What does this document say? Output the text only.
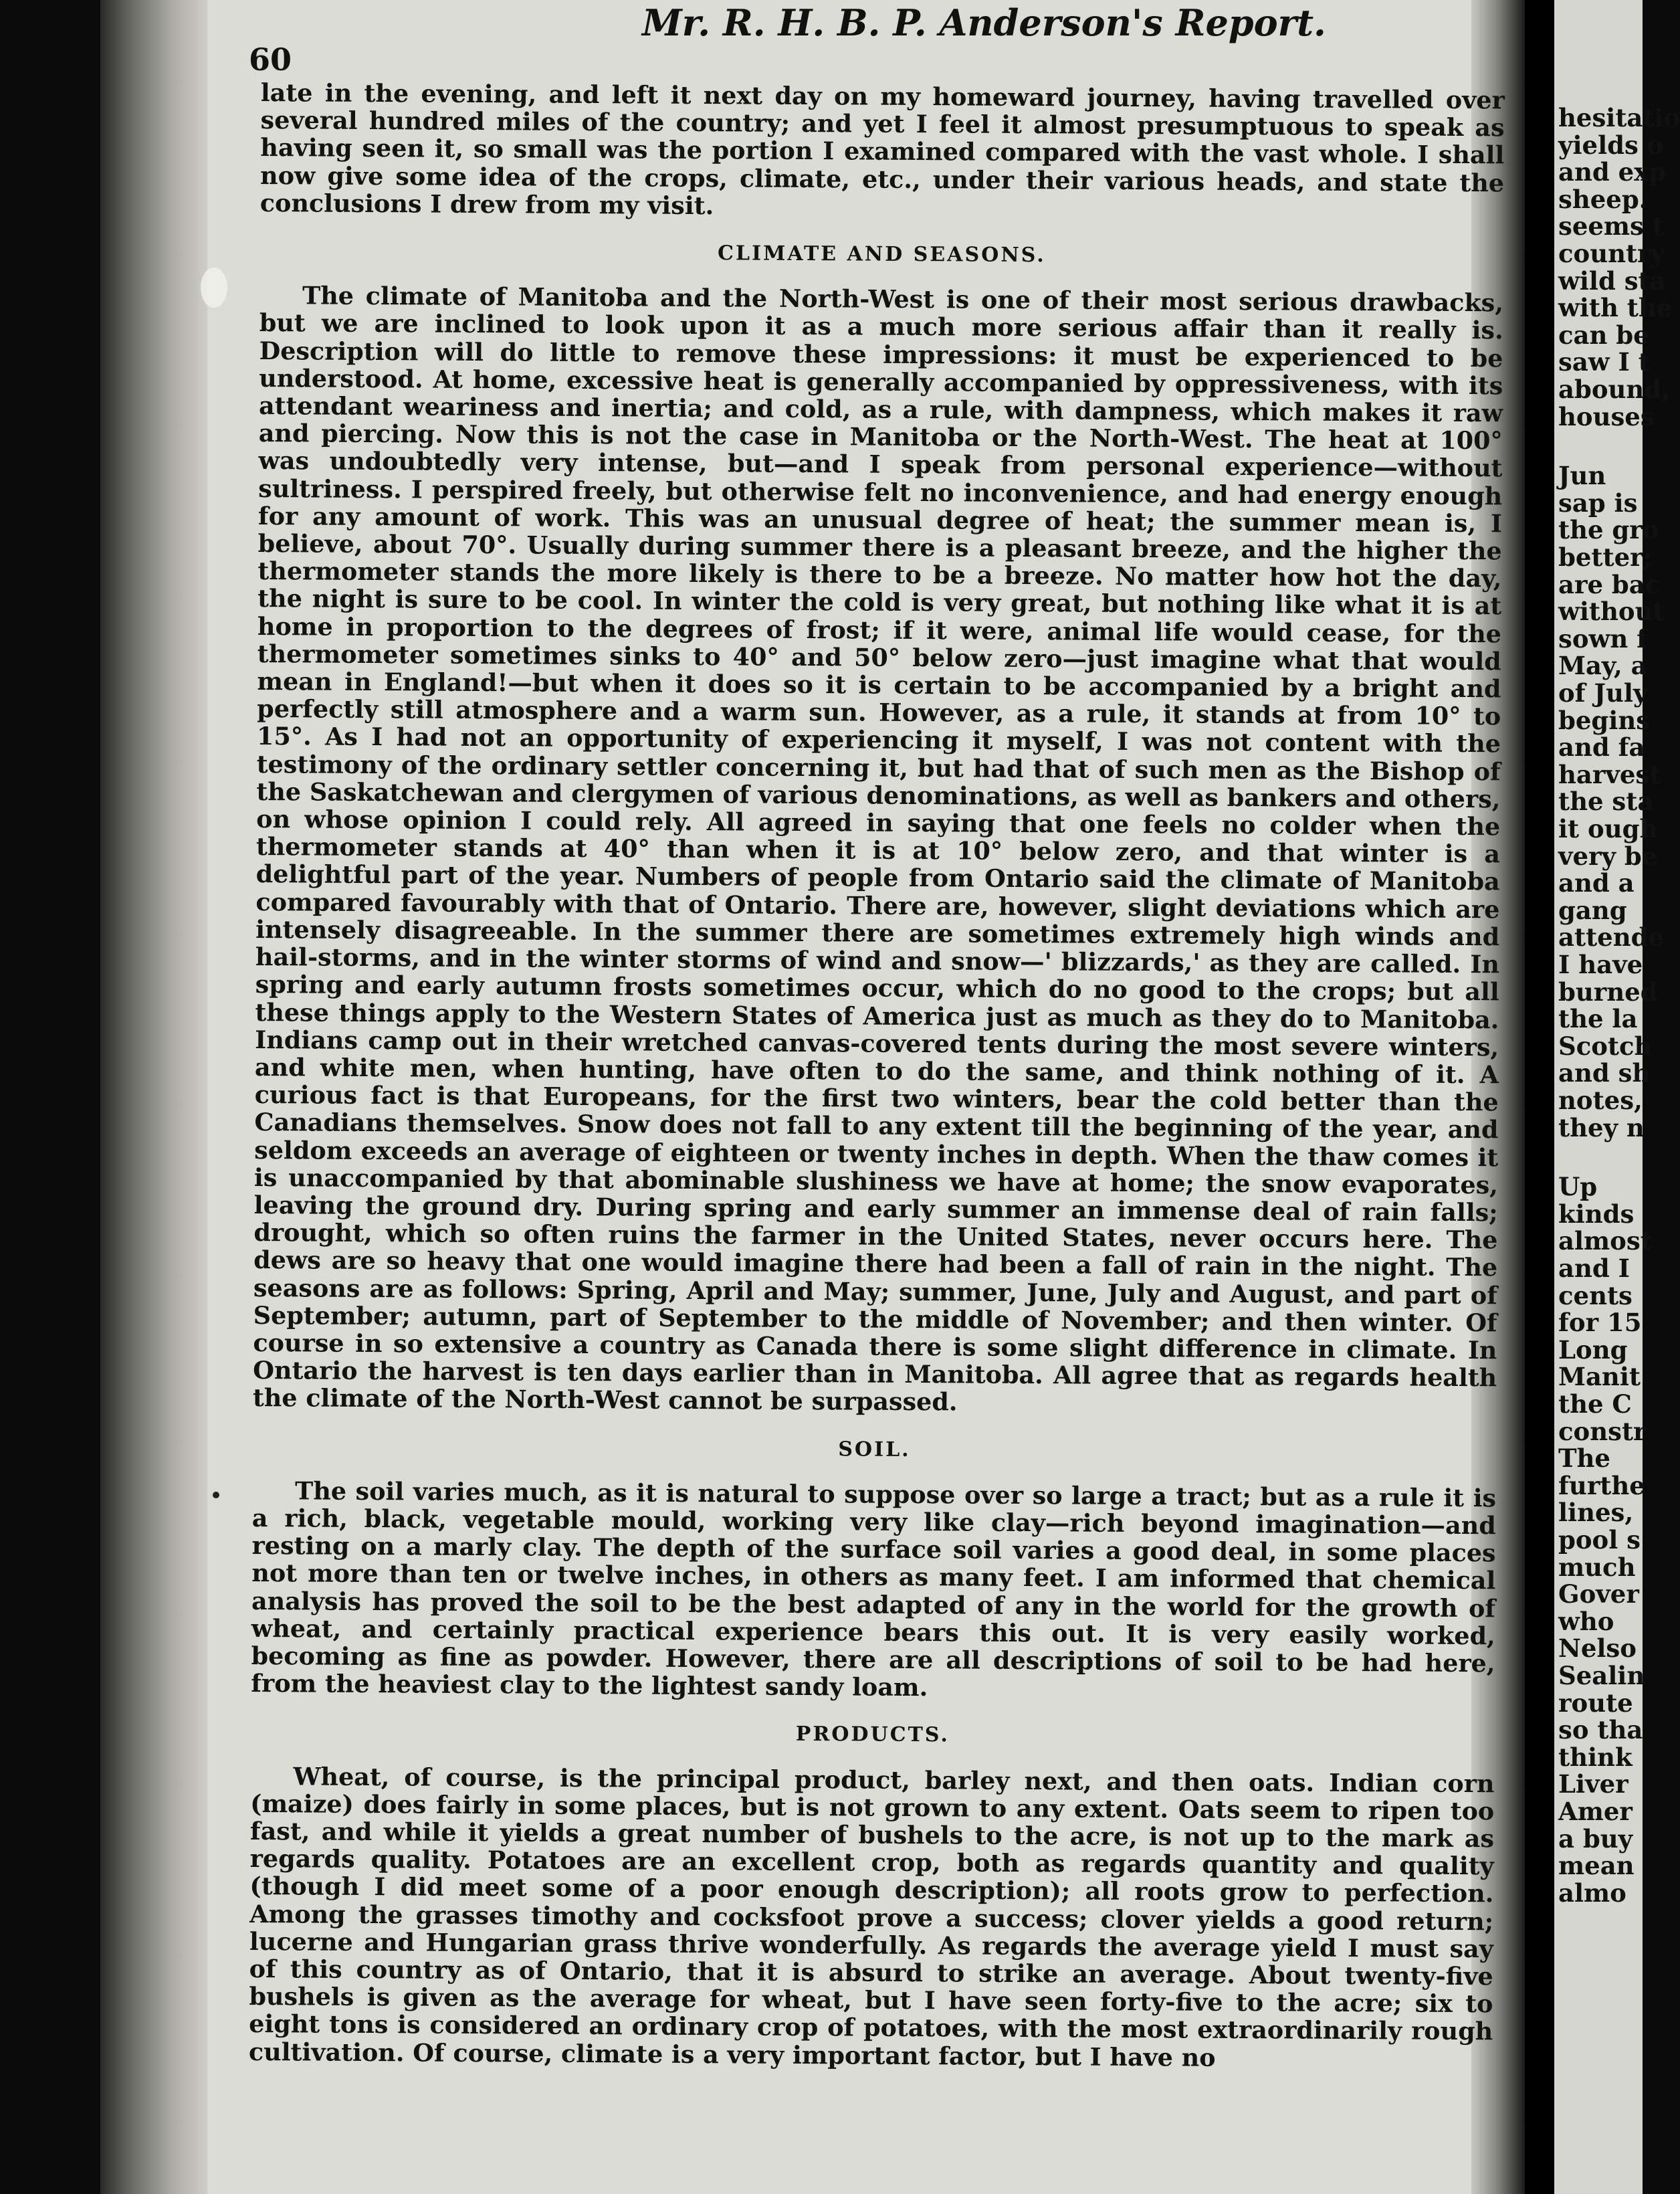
Mr. R. H. B. P. Anderson's Report.
60

late in the evening, and left it next day on my homeward journey, having travelled over several hundred miles of the country; and yet I feel it almost presumptuous to speak as having seen it, so small was the portion I examined compared with the vast whole. I shall now give some idea of the crops, climate, etc., under their various heads, and state the conclusions I drew from my visit.

CLIMATE AND SEASONS.

The climate of Manitoba and the North-West is one of their most serious drawbacks, but we are inclined to look upon it as a much more serious affair than it really is. Description will do little to remove these impressions: it must be experienced to be understood. At home, excessive heat is generally accompanied by oppressiveness, with its attendant weariness and inertia; and cold, as a rule, with dampness, which makes it raw and piercing. Now this is not the case in Manitoba or the North-West. The heat at 100° was undoubtedly very intense, but—and I speak from personal experience—without sultriness. I perspired freely, but otherwise felt no inconvenience, and had energy enough for any amount of work. This was an unusual degree of heat; the summer mean is, I believe, about 70°. Usually during summer there is a pleasant breeze, and the higher the thermometer stands the more likely is there to be a breeze. No matter how hot the day, the night is sure to be cool. In winter the cold is very great, but nothing like what it is at home in proportion to the degrees of frost; if it were, animal life would cease, for the thermometer sometimes sinks to 40° and 50° below zero—just imagine what that would mean in England!—but when it does so it is certain to be accompanied by a bright and perfectly still atmosphere and a warm sun. However, as a rule, it stands at from 10° to 15°. As I had not an opportunity of experiencing it myself, I was not content with the testimony of the ordinary settler concerning it, but had that of such men as the Bishop of the Saskatchewan and clergymen of various denominations, as well as bankers and others, on whose opinion I could rely. All agreed in saying that one feels no colder when the thermometer stands at 40° than when it is at 10° below zero, and that winter is a delightful part of the year. Numbers of people from Ontario said the climate of Manitoba compared favourably with that of Ontario. There are, however, slight deviations which are intensely disagreeable. In the summer there are sometimes extremely high winds and hail-storms, and in the winter storms of wind and snow—' blizzards,' as they are called. In spring and early autumn frosts sometimes occur, which do no good to the crops; but all these things apply to the Western States of America just as much as they do to Manitoba. Indians camp out in their wretched canvas-covered tents during the most severe winters, and white men, when hunting, have often to do the same, and think nothing of it. A curious fact is that Europeans, for the first two winters, bear the cold better than the Canadians themselves. Snow does not fall to any extent till the beginning of the year, and seldom exceeds an average of eighteen or twenty inches in depth. When the thaw comes it is unaccompanied by that abominable slushiness we have at home; the snow evaporates, leaving the ground dry. During spring and early summer an immense deal of rain falls; drought, which so often ruins the farmer in the United States, never occurs here. The dews are so heavy that one would imagine there had been a fall of rain in the night. The seasons are as follows: Spring, April and May; summer, June, July and August, and part of September; autumn, part of September to the middle of November; and then winter. Of course in so extensive a country as Canada there is some slight difference in climate. In Ontario the harvest is ten days earlier than in Manitoba. All agree that as regards health the climate of the North-West cannot be surpassed.

SOIL.

The soil varies much, as it is natural to suppose over so large a tract; but as a rule it is a rich, black, vegetable mould, working very like clay—rich beyond imagination—and resting on a marly clay. The depth of the surface soil varies a good deal, in some places not more than ten or twelve inches, in others as many feet. I am informed that chemical analysis has proved the soil to be the best adapted of any in the world for the growth of wheat, and certainly practical experience bears this out. It is very easily worked, becoming as fine as powder. However, there are all descriptions of soil to be had here, from the heaviest clay to the lightest sandy loam.

PRODUCTS.

Wheat, of course, is the principal product, barley next, and then oats. Indian corn (maize) does fairly in some places, but is not grown to any extent. Oats seem to ripen too fast, and while it yields a great number of bushels to the acre, is not up to the mark as regards quality. Potatoes are an excellent crop, both as regards quantity and quality (though I did meet some of a poor enough description); all roots grow to perfection. Among the grasses timothy and cocksfoot prove a success; clover yields a good return; lucerne and Hungarian grass thrive wonderfully. As regards the average yield I must say of this country as of Ontario, that it is absurd to strike an average. About twenty-five bushels is given as the average for wheat, but I have seen forty-five to the acre; six to eight tons is considered an ordinary crop of potatoes, with the most extraordinarily rough cultivation. Of course, climate is a very important factor, but I have no

hesitatio
yields o
and exp
sheep.
seems t
country
wild sta
with the
can be
saw I t
abound,
houses
Jun
sap is
the gro
better;
are bac
without
sown f
May, a
of July
begins
and fa
harvest
the sta
it ough
very be
and a
gang
attende
I have
burned
the la
Scotch
and sh
notes,
they n
Up
kinds
almost
and I
cents
for 15
Long
Manit
the C
constr
The
furthe
lines,
pool s
much
Gover
who
Nelso
Sealin
route
so tha
think
Liver
Amer
a buy
mean
almo
